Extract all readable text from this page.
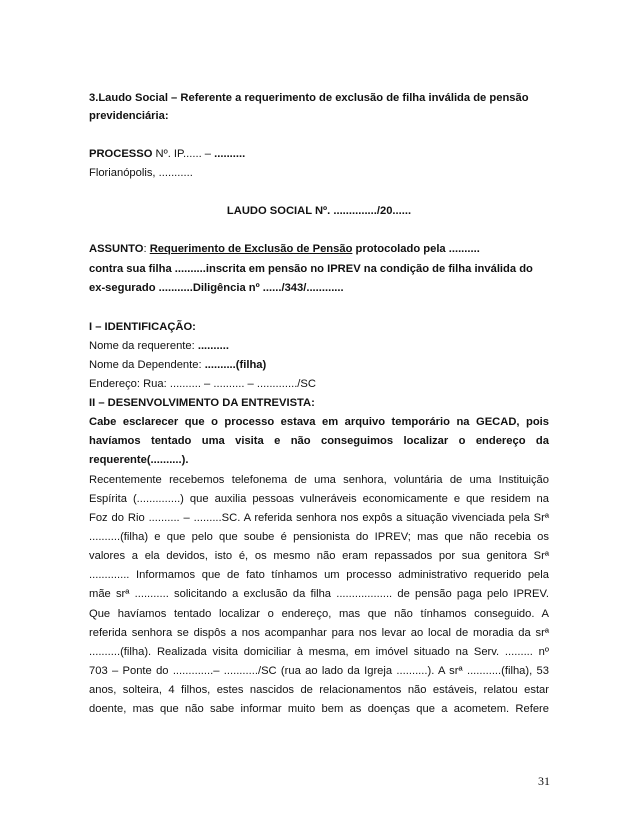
3.Laudo Social – Referente a requerimento de exclusão de filha inválida de pensão
previdenciária:
PROCESSO Nº. IP...... – ..........
Florianópolis, ...........
LAUDO SOCIAL Nº. ............../20......
ASSUNTO: Requerimento de Exclusão de Pensão protocolado pela ..........
contra sua filha ..........inscrita em pensão no IPREV na condição de filha inválida do
ex-segurado ...........Diligência nº ....../343/............
I – IDENTIFICAÇÃO:
Nome da requerente: ..........
Nome da Dependente: ..........(filha)
Endereço: Rua: .......... – .......... – ............./SC
II – DESENVOLVIMENTO DA ENTREVISTA:
Cabe esclarecer que o processo estava em arquivo temporário na GECAD, pois
havíamos tentado uma visita e não conseguimos localizar o endereço da
requerente(..........).
Recentemente recebemos telefonema de uma senhora, voluntária de uma Instituição
Espírita (..............) que auxilia pessoas vulneráveis economicamente e que residem na
Foz do Rio .......... – .........SC. A referida senhora nos expôs a situação vivenciada pela Srª
..........(filha) e que pelo que soube é pensionista do IPREV; mas que não recebia os
valores a ela devidos, isto é, os mesmo não eram repassados por sua genitora Srª
............. Informamos que de fato tínhamos um processo administrativo requerido pela
mãe srª ........... solicitando a exclusão da filha .................. de pensão paga pelo IPREV.
Que havíamos tentado localizar o endereço, mas que não tínhamos conseguido. A
referida senhora se dispôs a nos acompanhar para nos levar ao local de moradia da srª
..........(filha). Realizada visita domiciliar à mesma, em imóvel situado na Serv. ......... nº
703 – Ponte do .............– .........../SC (rua ao lado da Igreja ..........). A srª ...........(filha), 53
anos, solteira, 4 filhos, estes nascidos de relacionamentos não estáveis, relatou estar
doente, mas que não sabe informar muito bem as doenças que a acometem. Refere
31
